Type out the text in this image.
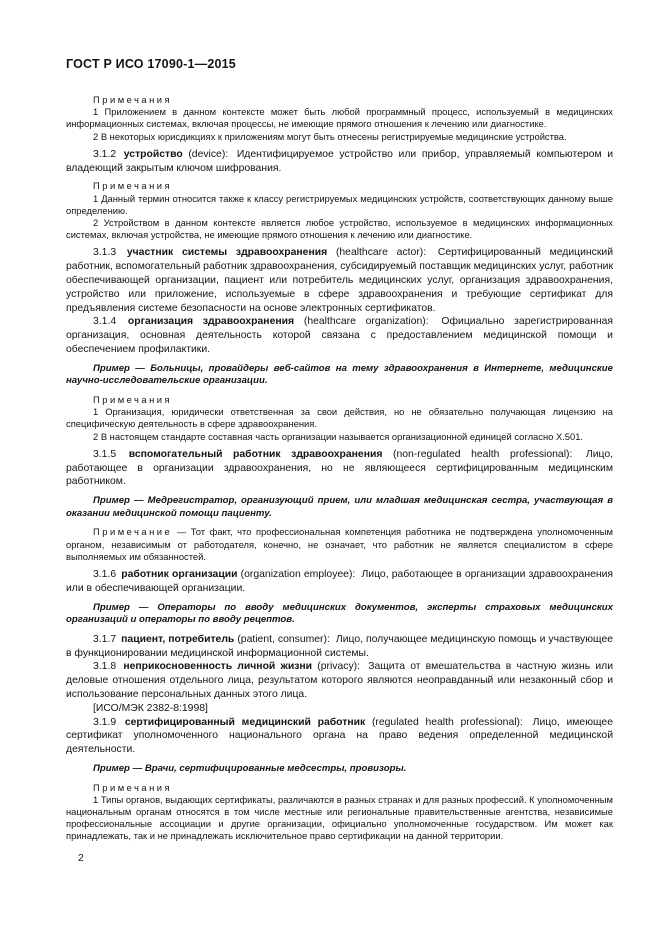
ГОСТ Р ИСО 17090-1—2015

Примечания

1 Приложением в данном контексте может быть любой программный процесс, используемый в медицинских информационных системах, включая процессы, не имеющие прямого отношения к лечению или диагностике.

2 В некоторых юрисдикциях к приложениям могут быть отнесены регистрируемые медицинские устройства.

3.1.2 устройство (device): Идентифицируемое устройство или прибор, управляемый компьютером и владеющий закрытым ключом шифрования.

Примечания

1 Данный термин относится также к классу регистрируемых медицинских устройств, соответствующих данному выше определению.

2 Устройством в данном контексте является любое устройство, используемое в медицинских информационных системах, включая устройства, не имеющие прямого отношения к лечению или диагностике.

3.1.3 участник системы здравоохранения (healthcare actor): Сертифицированный медицинский работник, вспомогательный работник здравоохранения, субсидируемый поставщик медицинских услуг, работник обеспечивающей организации, пациент или потребитель медицинских услуг, организация здравоохранения, устройство или приложение, используемые в сфере здравоохранения и требующие сертификат для предъявления системе безопасности на основе электронных сертификатов.

3.1.4 организация здравоохранения (healthcare organization): Официально зарегистрированная организация, основная деятельность которой связана с предоставлением медицинской помощи и обеспечением профилактики.

Пример — Больницы, провайдеры веб-сайтов на тему здравоохранения в Интернете, медицинские научно-исследовательские организации.

Примечания

1 Организация, юридически ответственная за свои действия, но не обязательно получающая лицензию на специфическую деятельность в сфере здравоохранения.

2 В настоящем стандарте составная часть организации называется организационной единицей согласно X.501.

3.1.5 вспомогательный работник здравоохранения (non-regulated health professional): Лицо, работающее в организации здравоохранения, но не являющееся сертифицированным медицинским работником.

Пример — Медрегистратор, организующий прием, или младшая медицинская сестра, участвующая в оказании медицинской помощи пациенту.

Примечание — Тот факт, что профессиональная компетенция работника не подтверждена уполномоченным органом, независимым от работодателя, конечно, не означает, что работник не является специалистом в сфере выполняемых им обязанностей.

3.1.6 работник организации (organization employee): Лицо, работающее в организации здравоохранения или в обеспечивающей организации.

Пример — Операторы по вводу медицинских документов, эксперты страховых медицинских организаций и операторы по вводу рецептов.

3.1.7 пациент, потребитель (patient, consumer): Лицо, получающее медицинскую помощь и участвующее в функционировании медицинской информационной системы.

3.1.8 неприкосновенность личной жизни (privacy): Защита от вмешательства в частную жизнь или деловые отношения отдельного лица, результатом которого являются неоправданный или незаконный сбор и использование персональных данных этого лица.

[ИСО/МЭК 2382-8:1998]

3.1.9 сертифицированный медицинский работник (regulated health professional): Лицо, имеющее сертификат уполномоченного национального органа на право ведения определенной медицинской деятельности.

Пример — Врачи, сертифицированные медсестры, провизоры.

Примечания

1 Типы органов, выдающих сертификаты, различаются в разных странах и для разных профессий. К уполномоченным национальным органам относятся в том числе местные или региональные правительственные агентства, независимые профессиональные ассоциации и другие организации, официально уполномоченные государством. Им может как принадлежать, так и не принадлежать исключительное право сертификации на данной территории.

2
